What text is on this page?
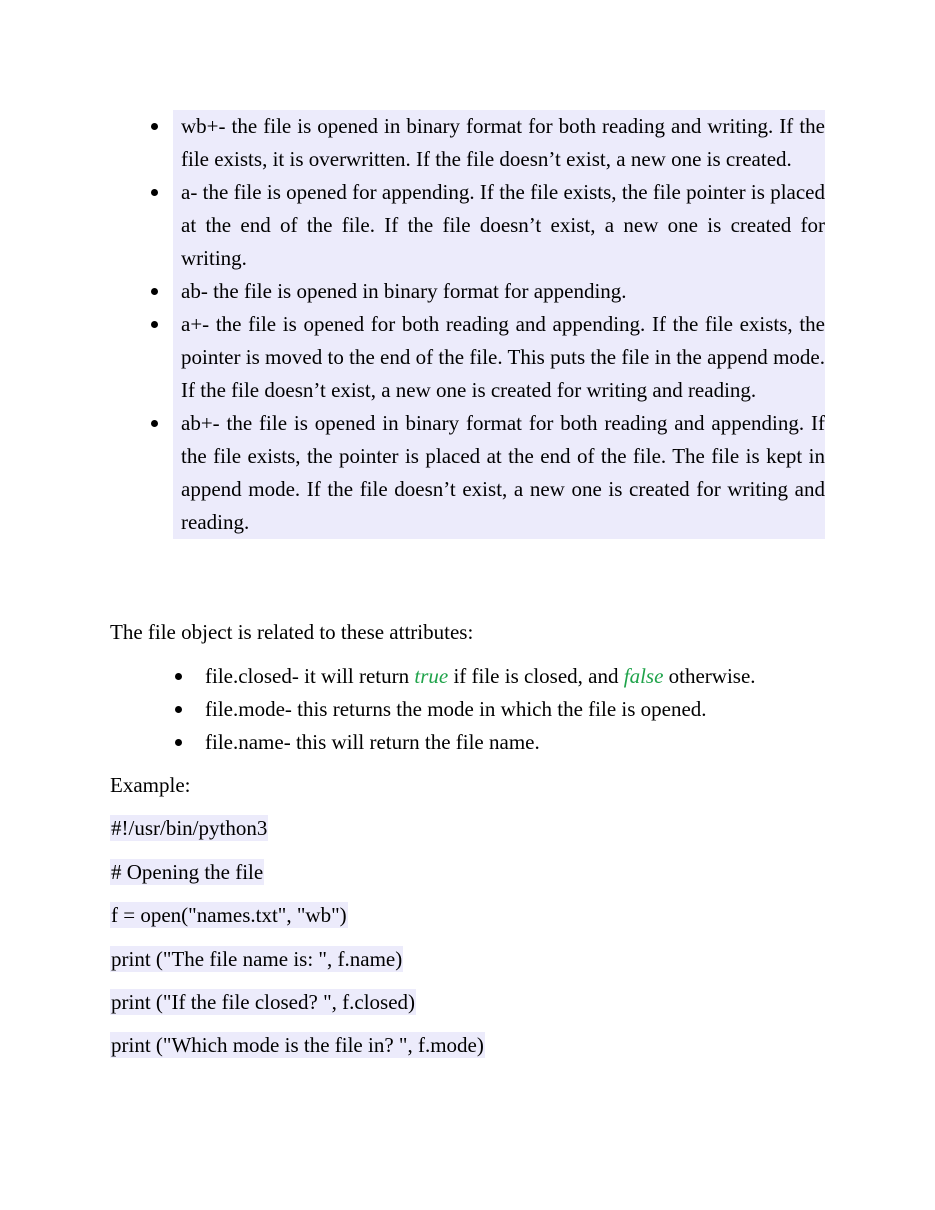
wb+- the file is opened in binary format for both reading and writing. If the file exists, it is overwritten. If the file doesn’t exist, a new one is created.
a- the file is opened for appending. If the file exists, the file pointer is placed at the end of the file. If the file doesn’t exist, a new one is created for writing.
ab- the file is opened in binary format for appending.
a+- the file is opened for both reading and appending. If the file exists, the pointer is moved to the end of the file. This puts the file in the append mode. If the file doesn’t exist, a new one is created for writing and reading.
ab+- the file is opened in binary format for both reading and appending. If the file exists, the pointer is placed at the end of the file. The file is kept in append mode. If the file doesn’t exist, a new one is created for writing and reading.

The file object is related to these attributes:

file.closed- it will return true if file is closed, and false otherwise.
file.mode- this returns the mode in which the file is opened.
file.name- this will return the file name.

Example:

#!/usr/bin/python3

# Opening the file

f = open("names.txt", "wb")

print ("The file name is: ", f.name)

print ("If the file closed? ", f.closed)

print ("Which mode is the file in? ", f.mode)
